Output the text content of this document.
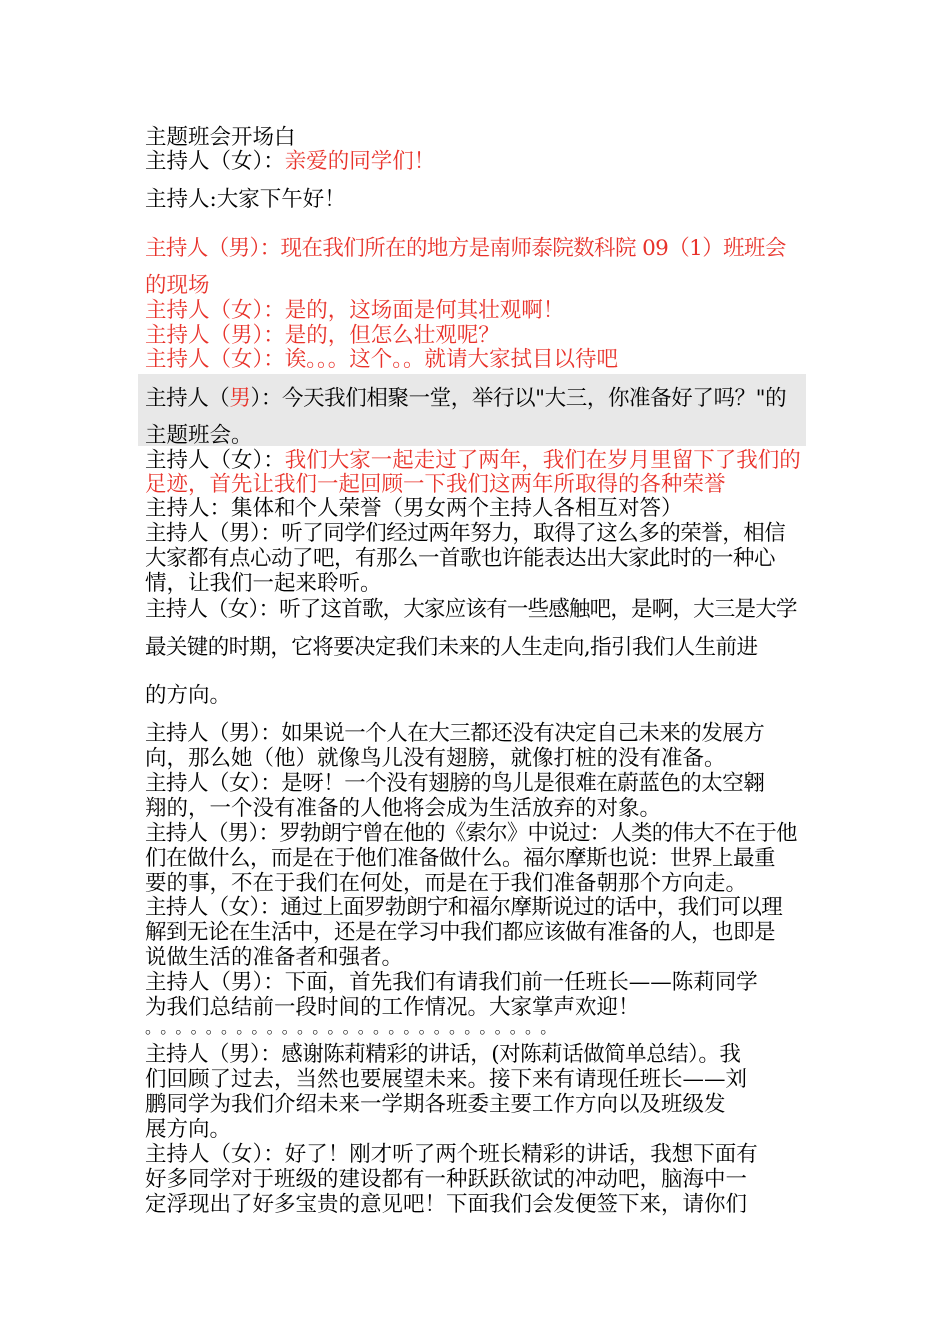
主题班会开场白

主持人（女）：亲爱的同学们！

主持人:大家下午好！

主持人（男）：现在我们所在的地方是南师泰院数科院 09（1）班班会

的现场

主持人（女）：是的，这场面是何其壮观啊！

主持人（男）：是的，但怎么壮观呢？

主持人（女）：诶。。。这个。。就请大家拭目以待吧

主持人（男）：今天我们相聚一堂，举行以"大三，你准备好了吗？"的

主题班会。

主持人（女）：我们大家一起走过了两年，我们在岁月里留下了我们的

足迹，首先让我们一起回顾一下我们这两年所取得的各种荣誉

主持人：集体和个人荣誉（男女两个主持人各相互对答）

主持人（男）：听了同学们经过两年努力，取得了这么多的荣誉，相信

大家都有点心动了吧，有那么一首歌也许能表达出大家此时的一种心

情，让我们一起来聆听。

主持人（女）：听了这首歌，大家应该有一些感触吧，是啊，大三是大学

最关键的时期，它将要决定我们未来的人生走向,指引我们人生前进

的方向。

主持人（男）：如果说一个人在大三都还没有决定自己未来的发展方

向，那么她（他）就像鸟儿没有翅膀，就像打桩的没有准备。

主持人（女）：是呀！一个没有翅膀的鸟儿是很难在蔚蓝色的太空翱

翔的，一个没有准备的人他将会成为生活放弃的对象。

主持人（男）：罗勃朗宁曾在他的《索尔》中说过：人类的伟大不在于他

们在做什么，而是在于他们准备做什么。福尔摩斯也说：世界上最重

要的事，不在于我们在何处，而是在于我们准备朝那个方向走。

主持人（女）：通过上面罗勃朗宁和福尔摩斯说过的话中，我们可以理

解到无论在生活中，还是在学习中我们都应该做有准备的人，也即是

说做生活的准备者和强者。

主持人（男）：下面，首先我们有请我们前一任班长——陈莉同学

为我们总结前一段时间的工作情况。大家掌声欢迎！

。。。。。。。。。。。。。。。。。。。。。。。。。。。

主持人（男）：感谢陈莉精彩的讲话，(对陈莉话做简单总结）。我

们回顾了过去，当然也要展望未来。接下来有请现任班长——刘

鹏同学为我们介绍未来一学期各班委主要工作方向以及班级发

展方向。

主持人（女）：好了！刚才听了两个班长精彩的讲话，我想下面有

好多同学对于班级的建设都有一种跃跃欲试的冲动吧，脑海中一

定浮现出了好多宝贵的意见吧！下面我们会发便签下来，请你们
